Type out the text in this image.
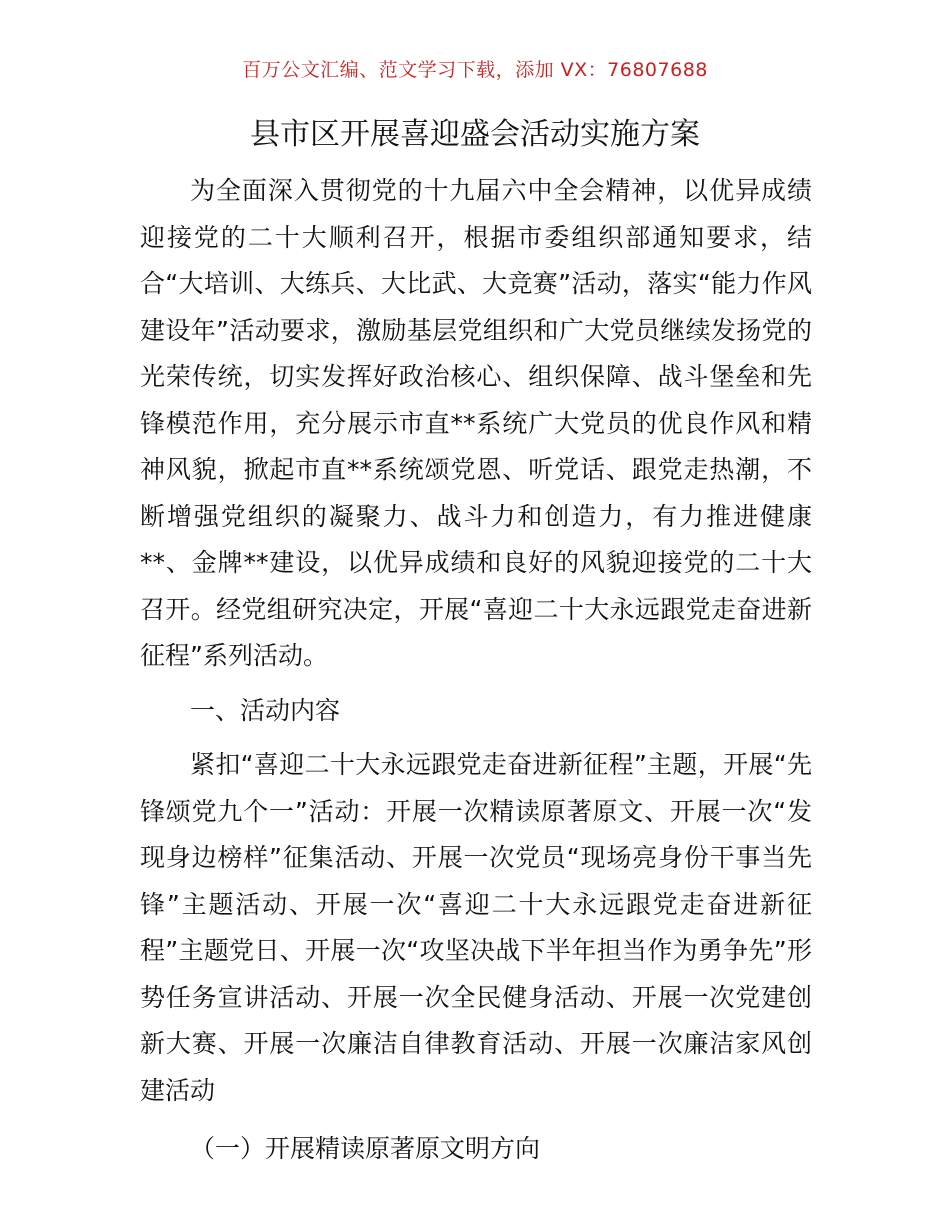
百万公文汇编、范文学习下载，添加 VX：76807688
县市区开展喜迎盛会活动实施方案

为全面深入贯彻党的十九届六中全会精神，以优异成绩迎接党的二十大顺利召开，根据市委组织部通知要求，结合“大培训、大练兵、大比武、大竞赛”活动，落实“能力作风建设年”活动要求，激励基层党组织和广大党员继续发扬党的光荣传统，切实发挥好政治核心、组织保障、战斗堡垒和先锋模范作用，充分展示市直**系统广大党员的优良作风和精神风貌，掀起市直**系统颂党恩、听党话、跟党走热潮，不断增强党组织的凝聚力、战斗力和创造力，有力推进健康**、金牌**建设，以优异成绩和良好的风貌迎接党的二十大召开。经党组研究决定，开展“喜迎二十大永远跟党走奋进新征程”系列活动。

一、活动内容

紧扣“喜迎二十大永远跟党走奋进新征程”主题，开展“先锋颂党九个一”活动：开展一次精读原著原文、开展一次“发现身边榜样”征集活动、开展一次党员“现场亮身份干事当先锋”主题活动、开展一次“喜迎二十大永远跟党走奋进新征程”主题党日、开展一次“攻坚决战下半年担当作为勇争先”形势任务宣讲活动、开展一次全民健身活动、开展一次党建创新大赛、开展一次廉洁自律教育活动、开展一次廉洁家风创建活动

（一）开展精读原著原文明方向
